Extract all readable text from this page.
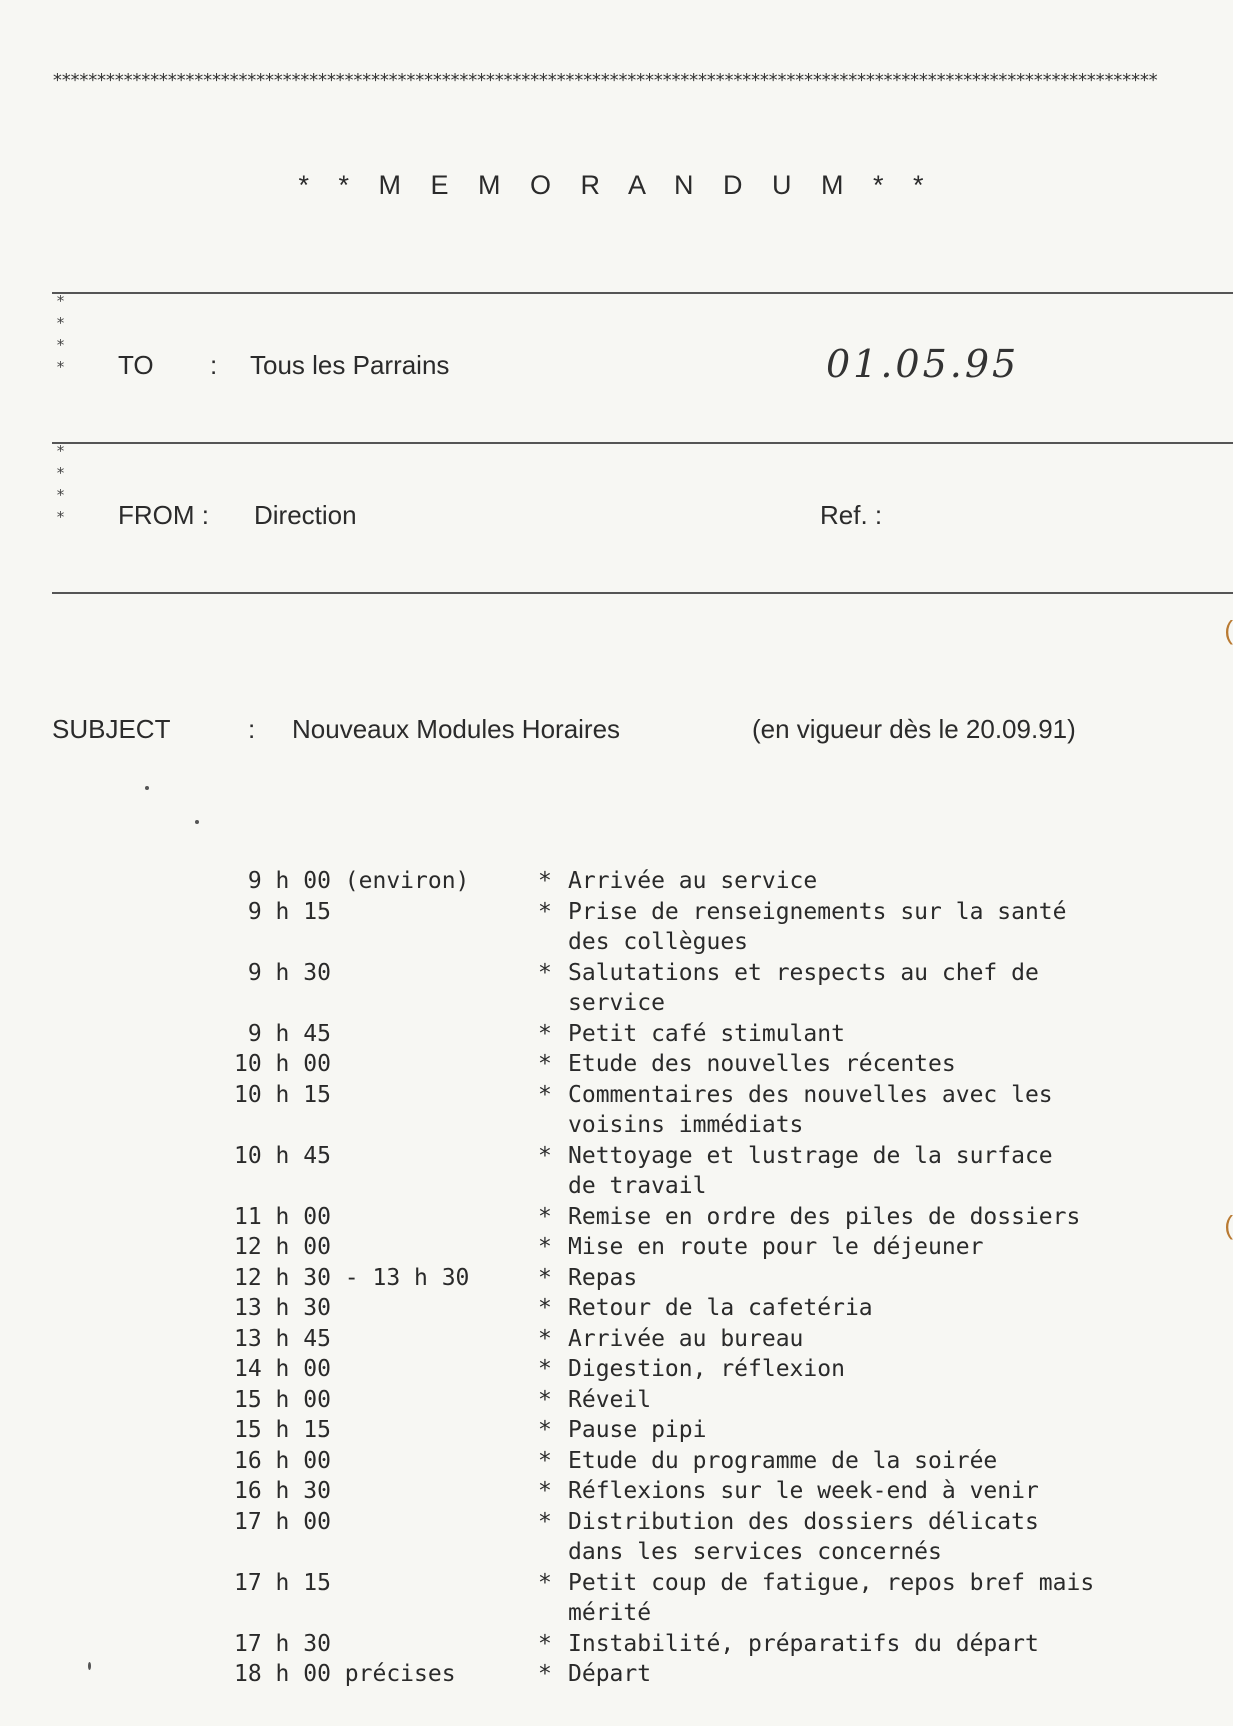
*****************************************************************************************************************************
* * M E M O R A N D U M * *
*
*
*
*
*
*
*
*
TO : Tous les Parrains	01.05.95
FROM : Direction	Ref. :
SUBJECT	: Nouveaux Modules Horaires	(en vigueur dès le 20.09.91)
9 h 00 (environ)	* Arrivée au service
9 h 15	* Prise de renseignements sur la santé
des collègues
9 h 30	* Salutations et respects au chef de
service
9 h 45	* Petit café stimulant
10 h 00	* Etude des nouvelles récentes
10 h 15	* Commentaires des nouvelles avec les
voisins immédiats
10 h 45	* Nettoyage et lustrage de la surface
de travail
11 h 00	* Remise en ordre des piles de dossiers
12 h 00	* Mise en route pour le déjeuner
12 h 30 - 13 h 30	* Repas
13 h 30	* Retour de la cafetéria
13 h 45	* Arrivée au bureau
14 h 00	* Digestion, réflexion
15 h 00	* Réveil
15 h 15	* Pause pipi
16 h 00	* Etude du programme de la soirée
16 h 30	* Réflexions sur le week-end à venir
17 h 00	* Distribution des dossiers délicats
dans les services concernés
17 h 15	* Petit coup de fatigue, repos bref mais
mérité
17 h 30	* Instabilité, préparatifs du départ
18 h 00 précises	* Départ
(
(
